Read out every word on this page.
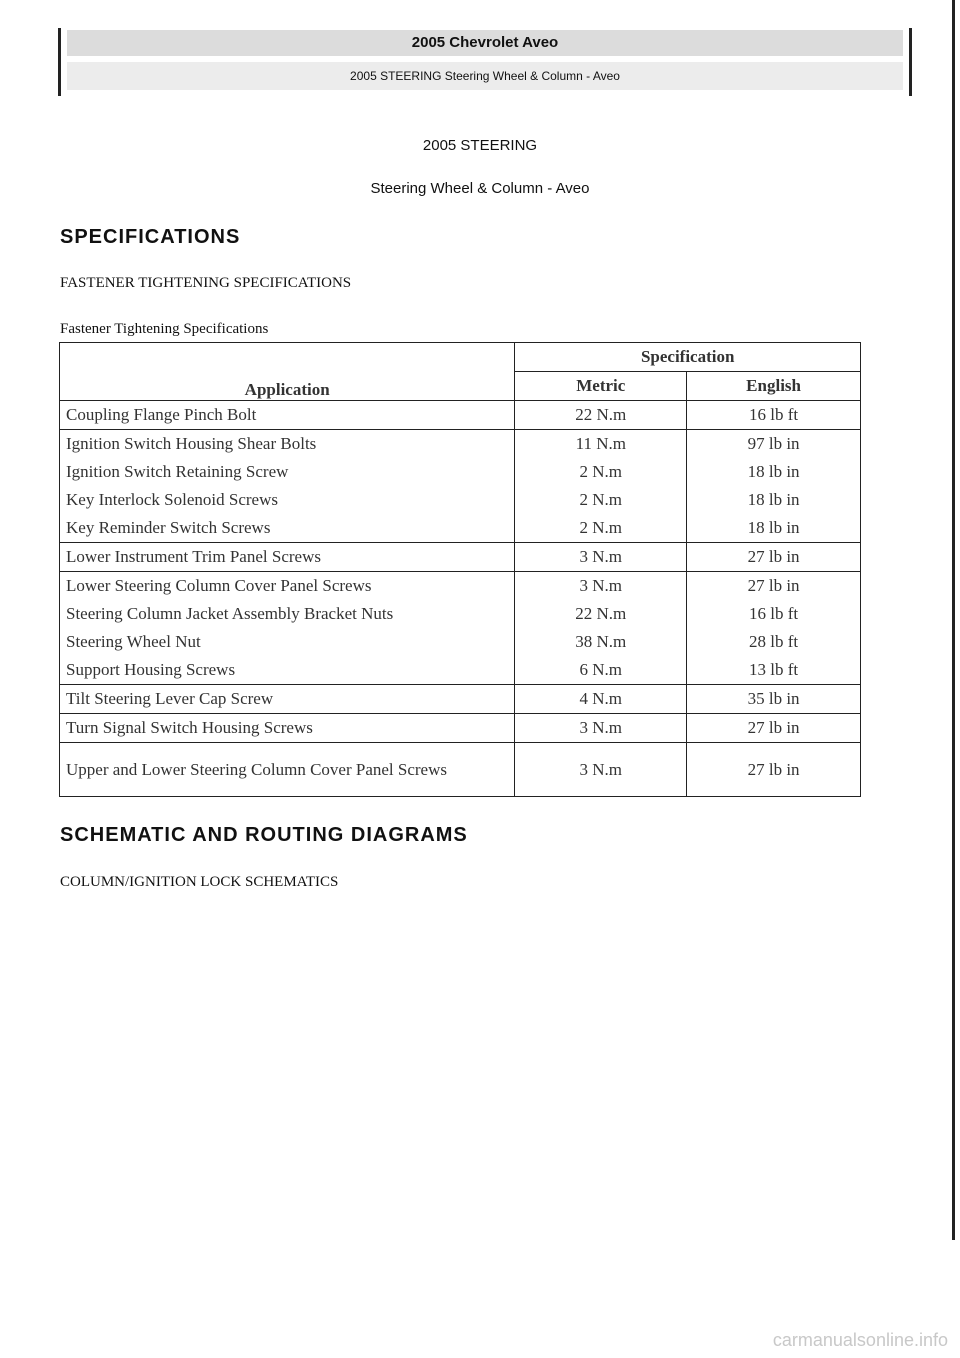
2005 Chevrolet Aveo
2005 STEERING Steering Wheel & Column - Aveo
2005 STEERING
Steering Wheel & Column - Aveo
SPECIFICATIONS
FASTENER TIGHTENING SPECIFICATIONS
Fastener Tightening Specifications
Application	Specification	
	Metric	English
Coupling Flange Pinch Bolt	22 N.m	16 lb ft
Ignition Switch Housing Shear Bolts	11 N.m	97 lb in
Ignition Switch Retaining Screw	2 N.m	18 lb in
Key Interlock Solenoid Screws	2 N.m	18 lb in
Key Reminder Switch Screws	2 N.m	18 lb in
Lower Instrument Trim Panel Screws	3 N.m	27 lb in
Lower Steering Column Cover Panel Screws	3 N.m	27 lb in
Steering Column Jacket Assembly Bracket Nuts	22 N.m	16 lb ft
Steering Wheel Nut	38 N.m	28 lb ft
Support Housing Screws	6 N.m	13 lb ft
Tilt Steering Lever Cap Screw	4 N.m	35 lb in
Turn Signal Switch Housing Screws	3 N.m	27 lb in
Upper and Lower Steering Column Cover Panel Screws	3 N.m	27 lb in
SCHEMATIC AND ROUTING DIAGRAMS
COLUMN/IGNITION LOCK SCHEMATICS
carmanualsonline.info
